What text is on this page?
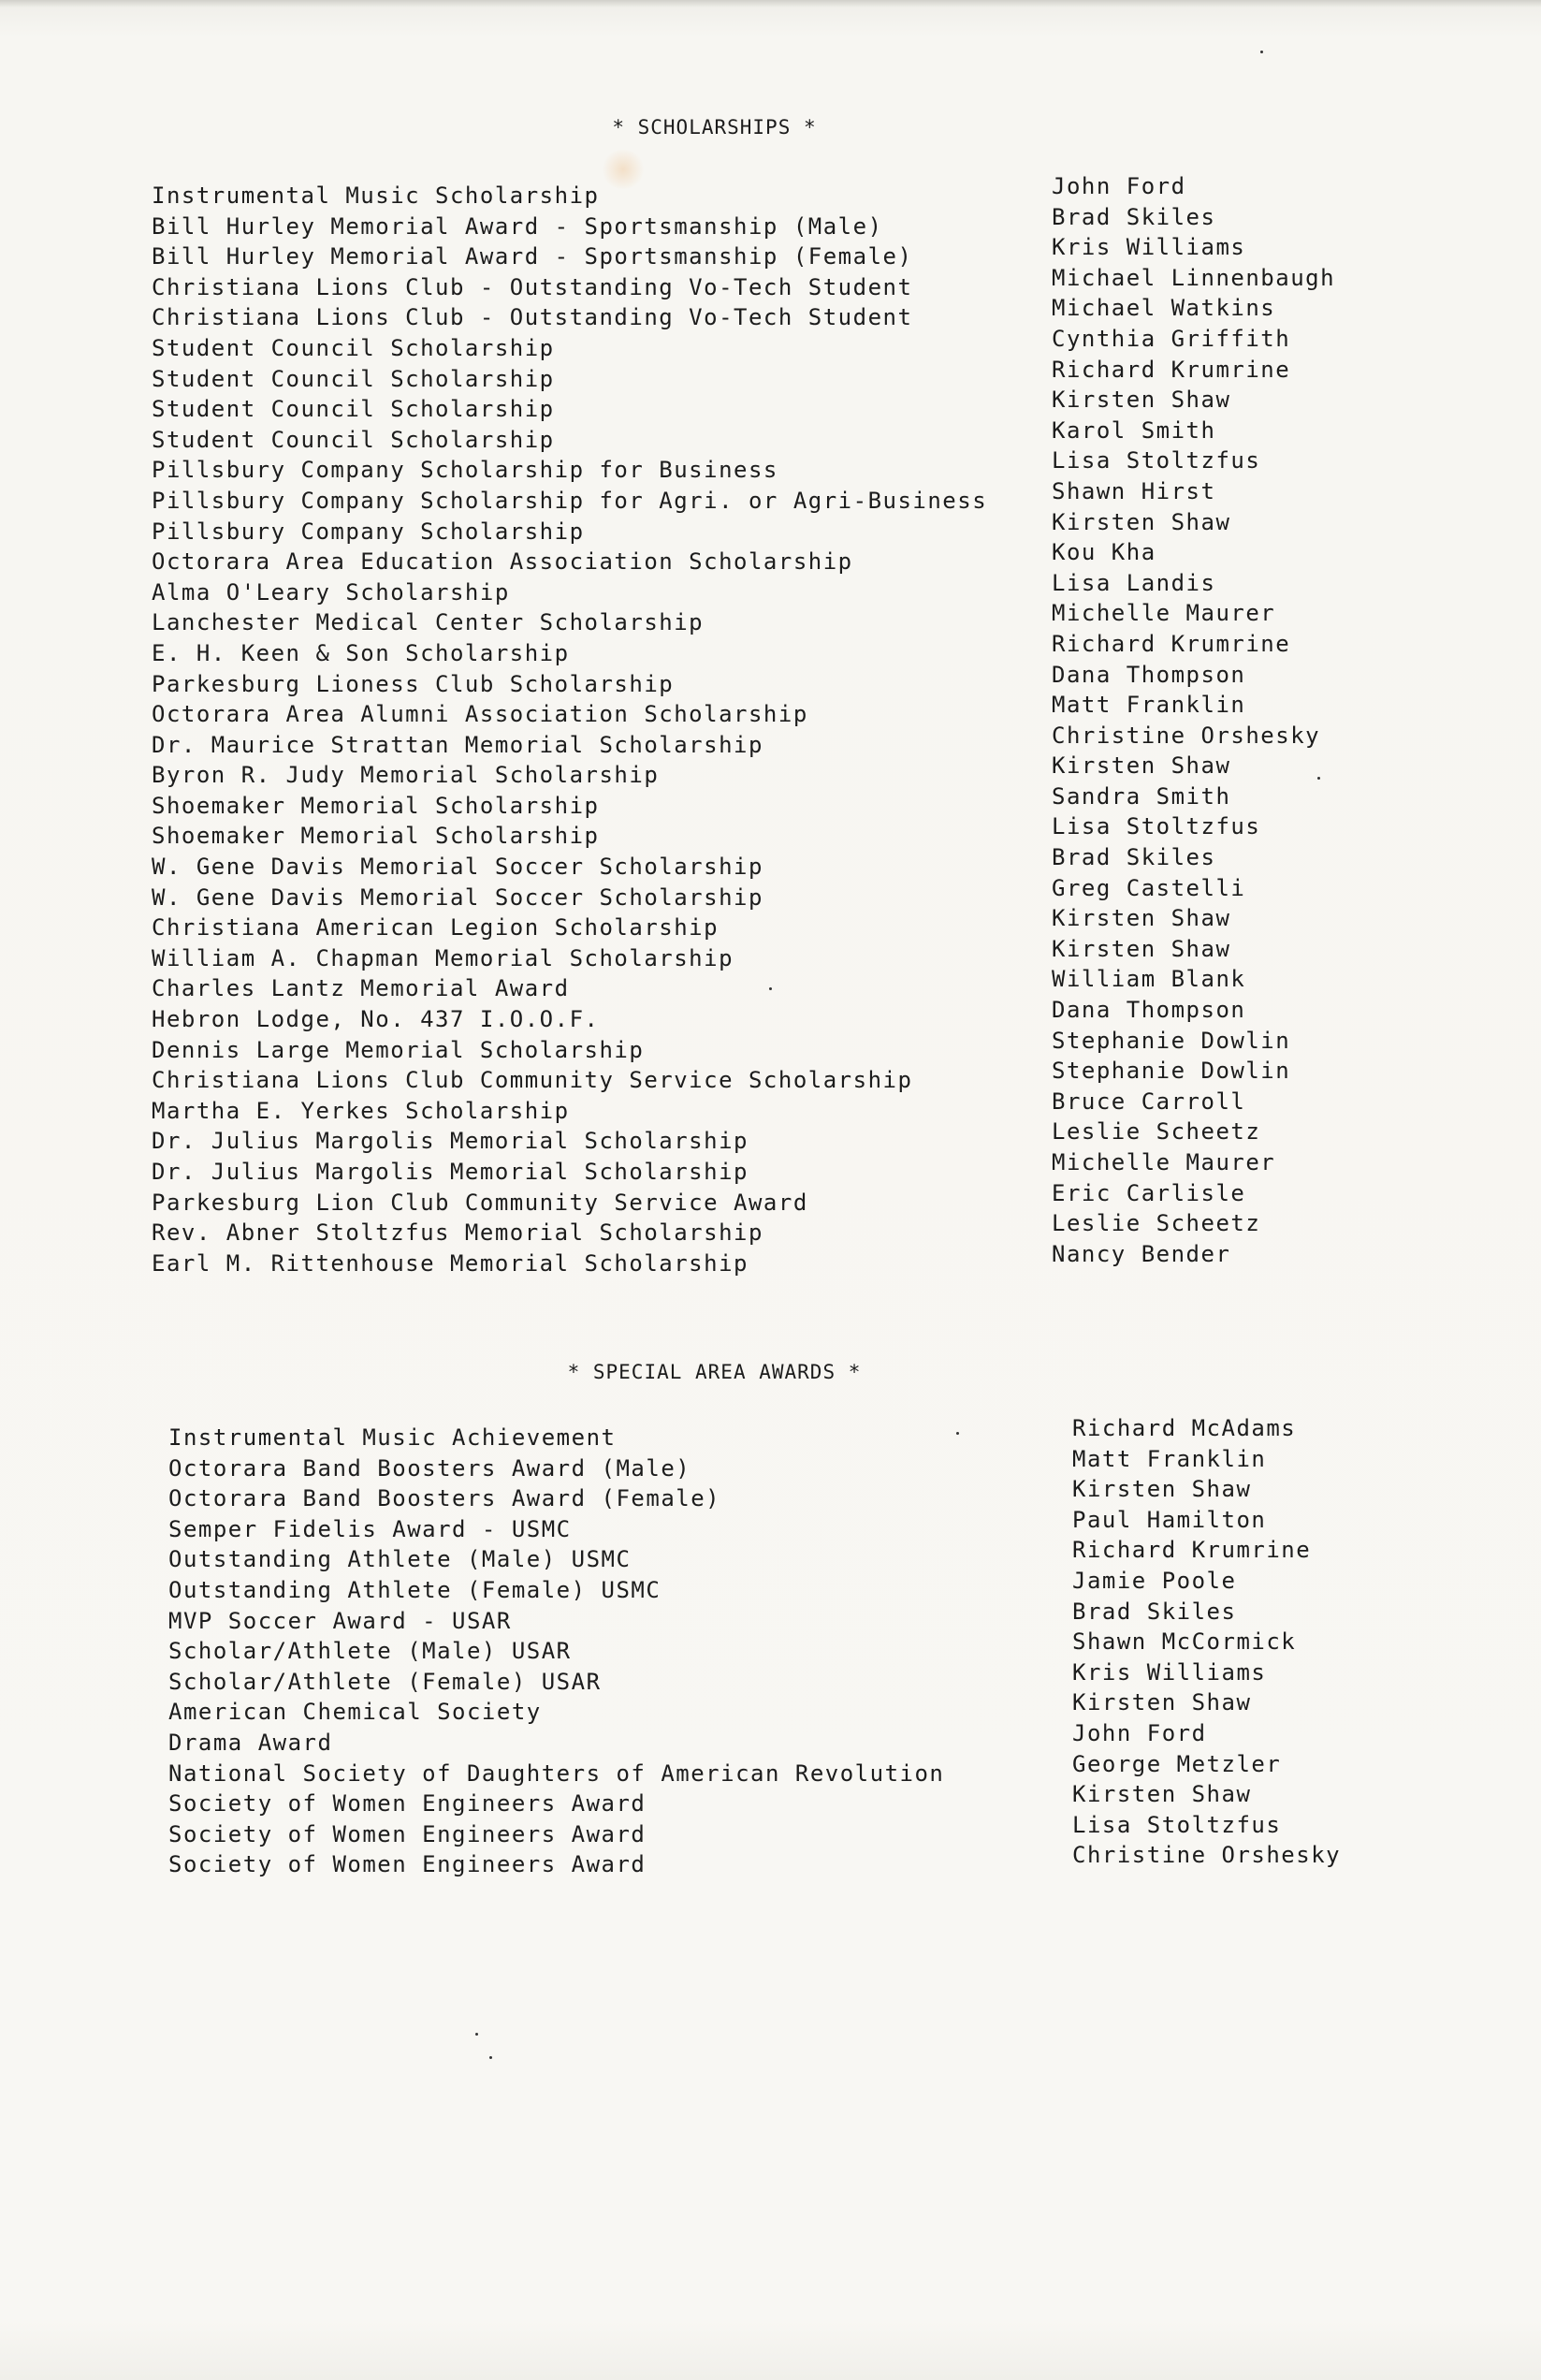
* SCHOLARSHIPS *
Instrumental Music Scholarship
Bill Hurley Memorial Award - Sportsmanship (Male)
Bill Hurley Memorial Award - Sportsmanship (Female)
Christiana Lions Club - Outstanding Vo-Tech Student
Christiana Lions Club - Outstanding Vo-Tech Student
Student Council Scholarship
Student Council Scholarship
Student Council Scholarship
Student Council Scholarship
Pillsbury Company Scholarship for Business
Pillsbury Company Scholarship for Agri. or Agri-Business
Pillsbury Company Scholarship
Octorara Area Education Association Scholarship
Alma O'Leary Scholarship
Lanchester Medical Center Scholarship
E. H. Keen & Son Scholarship
Parkesburg Lioness Club Scholarship
Octorara Area Alumni Association Scholarship
Dr. Maurice Strattan Memorial Scholarship
Byron R. Judy Memorial Scholarship
Shoemaker Memorial Scholarship
Shoemaker Memorial Scholarship
W. Gene Davis Memorial Soccer Scholarship
W. Gene Davis Memorial Soccer Scholarship
Christiana American Legion Scholarship
William A. Chapman Memorial Scholarship
Charles Lantz Memorial Award
Hebron Lodge, No. 437 I.O.O.F.
Dennis Large Memorial Scholarship
Christiana Lions Club Community Service Scholarship
Martha E. Yerkes Scholarship
Dr. Julius Margolis Memorial Scholarship
Dr. Julius Margolis Memorial Scholarship
Parkesburg Lion Club Community Service Award
Rev. Abner Stoltzfus Memorial Scholarship
Earl M. Rittenhouse Memorial Scholarship
John Ford
Brad Skiles
Kris Williams
Michael Linnenbaugh
Michael Watkins
Cynthia Griffith
Richard Krumrine
Kirsten Shaw
Karol Smith
Lisa Stoltzfus
Shawn Hirst
Kirsten Shaw
Kou Kha
Lisa Landis
Michelle Maurer
Richard Krumrine
Dana Thompson
Matt Franklin
Christine Orshesky
Kirsten Shaw
Sandra Smith
Lisa Stoltzfus
Brad Skiles
Greg Castelli
Kirsten Shaw
Kirsten Shaw
William Blank
Dana Thompson
Stephanie Dowlin
Stephanie Dowlin
Bruce Carroll
Leslie Scheetz
Michelle Maurer
Eric Carlisle
Leslie Scheetz
Nancy Bender
* SPECIAL AREA AWARDS *
Instrumental Music Achievement
Octorara Band Boosters Award (Male)
Octorara Band Boosters Award (Female)
Semper Fidelis Award - USMC
Outstanding Athlete (Male) USMC
Outstanding Athlete (Female) USMC
MVP Soccer Award - USAR
Scholar/Athlete (Male) USAR
Scholar/Athlete (Female) USAR
American Chemical Society
Drama Award
National Society of Daughters of American Revolution
Society of Women Engineers Award
Society of Women Engineers Award
Society of Women Engineers Award
Richard McAdams
Matt Franklin
Kirsten Shaw
Paul Hamilton
Richard Krumrine
Jamie Poole
Brad Skiles
Shawn McCormick
Kris Williams
Kirsten Shaw
John Ford
George Metzler
Kirsten Shaw
Lisa Stoltzfus
Christine Orshesky
